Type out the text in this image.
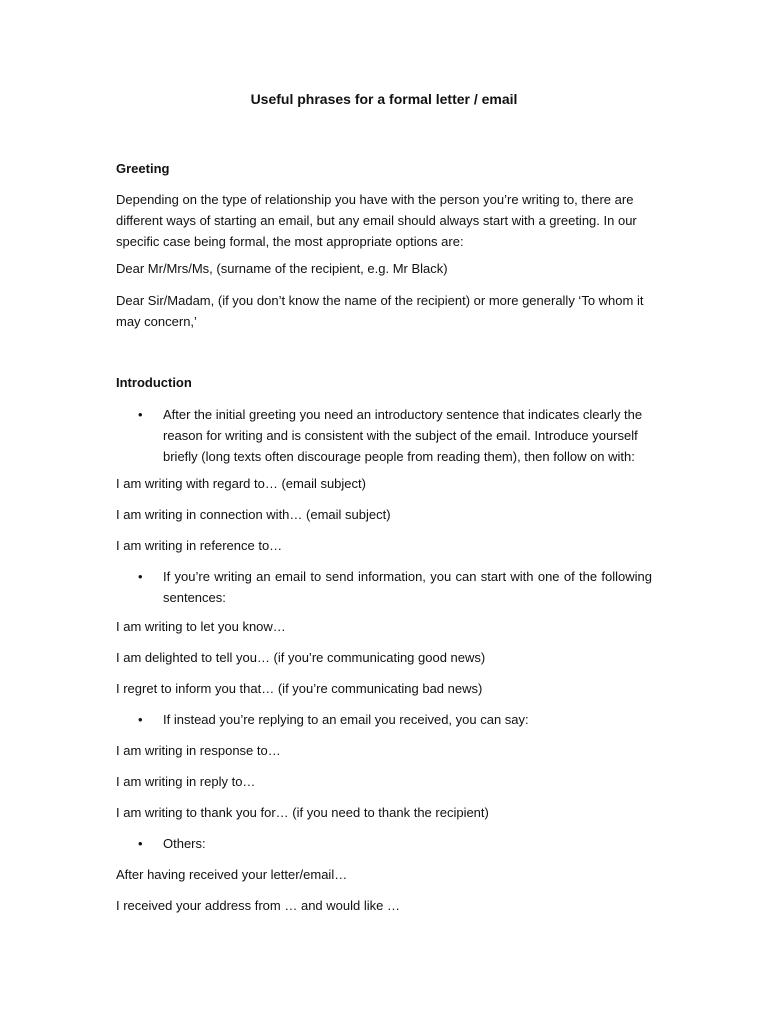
Useful phrases for a formal letter / email

Greeting

Depending on the type of relationship you have with the person you’re writing to, there are different ways of starting an email, but any email should always start with a greeting. In our specific case being formal, the most appropriate options are:

Dear Mr/Mrs/Ms, (surname of the recipient, e.g. Mr Black)

Dear Sir/Madam, (if you don’t know the name of the recipient) or more generally ‘To whom it may concern,’

Introduction

• After the initial greeting you need an introductory sentence that indicates clearly the reason for writing and is consistent with the subject of the email. Introduce yourself briefly (long texts often discourage people from reading them), then follow on with:

I am writing with regard to… (email subject)

I am writing in connection with… (email subject)

I am writing in reference to…

• If you’re writing an email to send information, you can start with one of the following sentences:

I am writing to let you know…

I am delighted to tell you… (if you’re communicating good news)

I regret to inform you that… (if you’re communicating bad news)

• If instead you’re replying to an email you received, you can say:

I am writing in response to…

I am writing in reply to…

I am writing to thank you for… (if you need to thank the recipient)

• Others:

After having received your letter/email…

I received your address from … and would like …
